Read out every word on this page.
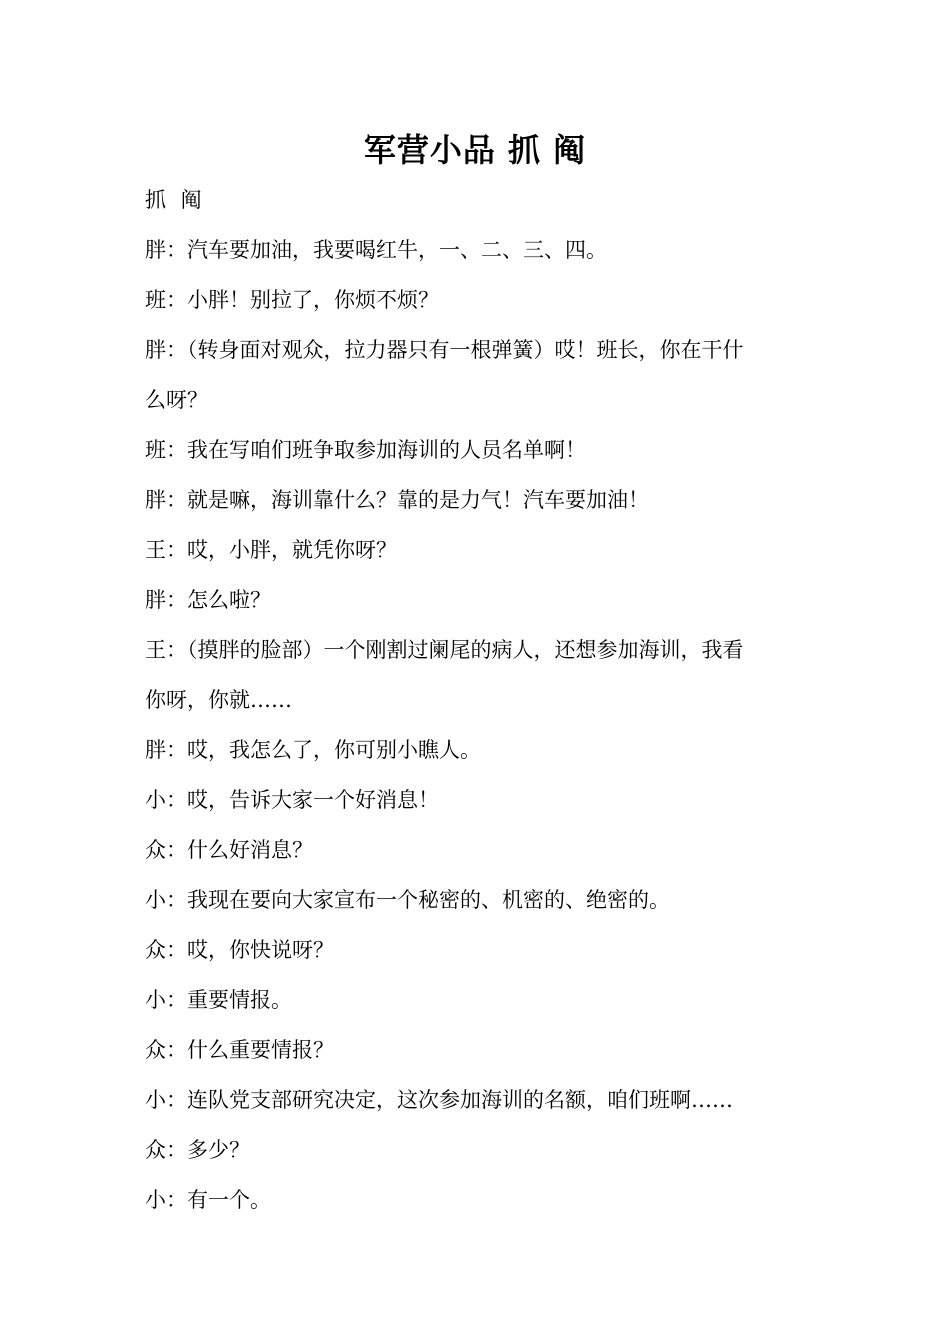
军营小品 抓 阄
抓 阄
胖：汽车要加油，我要喝红牛，一、二、三、四。
班：小胖！别拉了，你烦不烦？
胖：（转身面对观众，拉力器只有一根弹簧）哎！班长，你在干什
么呀？
班：我在写咱们班争取参加海训的人员名单啊！
胖：就是嘛，海训靠什么？靠的是力气！汽车要加油！
王：哎，小胖，就凭你呀？
胖：怎么啦？
王：（摸胖的脸部）一个刚割过阑尾的病人，还想参加海训，我看
你呀，你就……
胖：哎，我怎么了，你可别小瞧人。
小：哎，告诉大家一个好消息！
众：什么好消息？
小：我现在要向大家宣布一个秘密的、机密的、绝密的。
众：哎，你快说呀？
小：重要情报。
众：什么重要情报？
小：连队党支部研究决定，这次参加海训的名额，咱们班啊……
众：多少？
小：有一个。
